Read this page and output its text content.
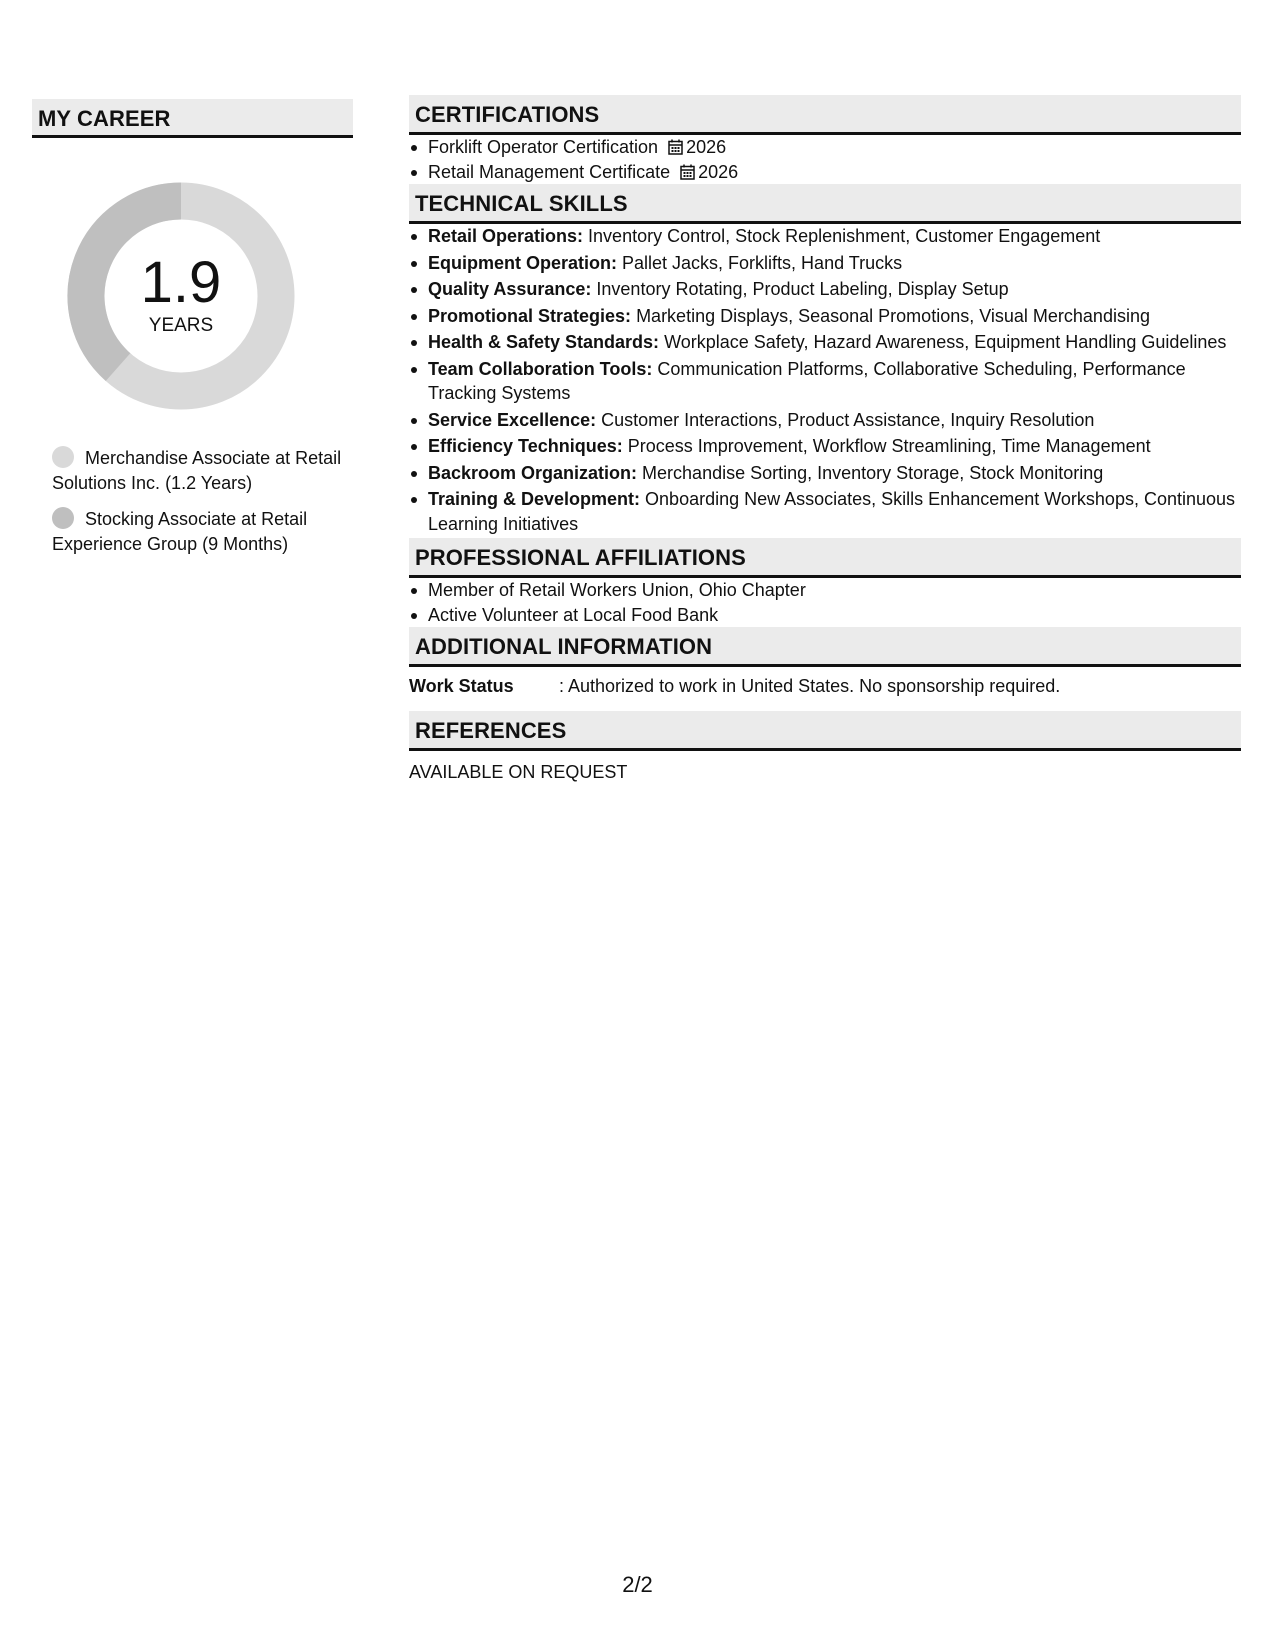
MY CAREER
1.9
YEARS
Merchandise Associate at Retail Solutions Inc. (1.2 Years)
Stocking Associate at Retail Experience Group (9 Months)
CERTIFICATIONS
Forklift Operator Certification 2026
Retail Management Certificate 2026
TECHNICAL SKILLS
Retail Operations: Inventory Control, Stock Replenishment, Customer Engagement
Equipment Operation: Pallet Jacks, Forklifts, Hand Trucks
Quality Assurance: Inventory Rotating, Product Labeling, Display Setup
Promotional Strategies: Marketing Displays, Seasonal Promotions, Visual Merchandising
Health & Safety Standards: Workplace Safety, Hazard Awareness, Equipment Handling Guidelines
Team Collaboration Tools: Communication Platforms, Collaborative Scheduling, Performance Tracking Systems
Service Excellence: Customer Interactions, Product Assistance, Inquiry Resolution
Efficiency Techniques: Process Improvement, Workflow Streamlining, Time Management
Backroom Organization: Merchandise Sorting, Inventory Storage, Stock Monitoring
Training & Development: Onboarding New Associates, Skills Enhancement Workshops, Continuous Learning Initiatives
PROFESSIONAL AFFILIATIONS
Member of Retail Workers Union, Ohio Chapter
Active Volunteer at Local Food Bank
ADDITIONAL INFORMATION
Work Status	: Authorized to work in United States. No sponsorship required.
REFERENCES
AVAILABLE ON REQUEST
2/2
